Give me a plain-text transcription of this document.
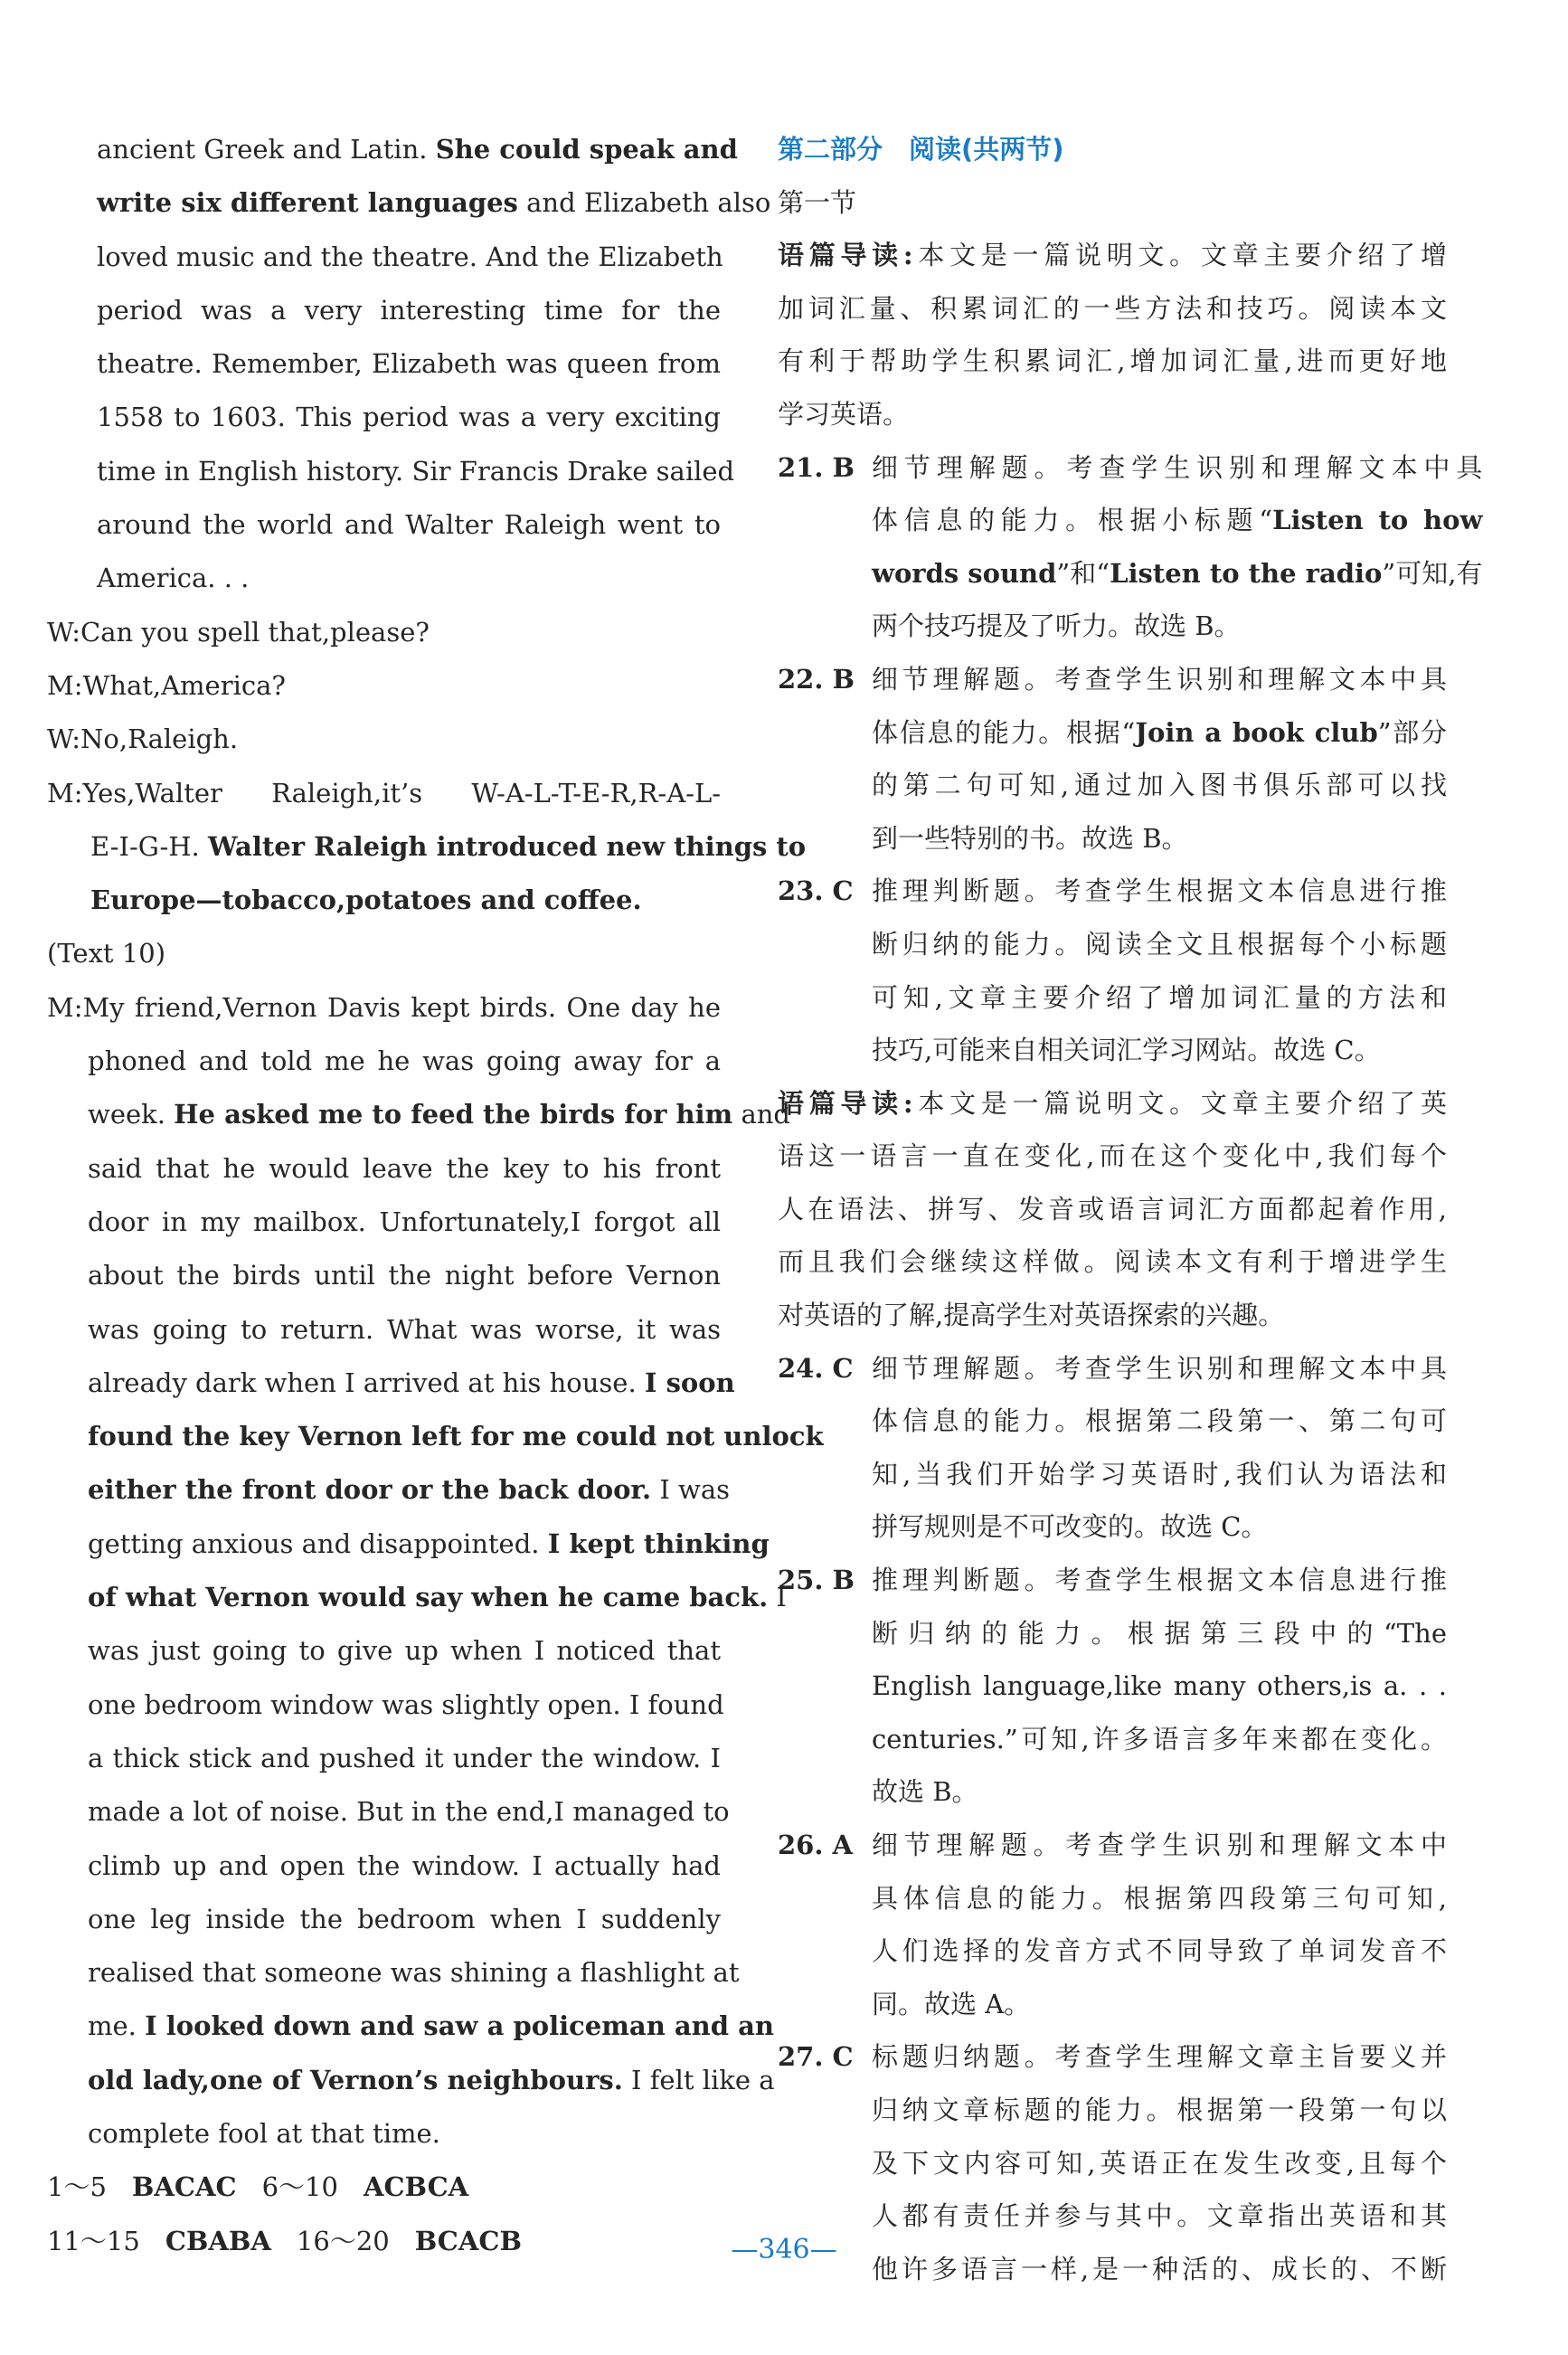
ancient Greek and Latin. She could speak and
write six different languages and Elizabeth also
loved music and the theatre. And the Elizabeth
period was a very interesting time for the
theatre. Remember, Elizabeth was queen from
1558 to 1603. This period was a very exciting
time in English history. Sir Francis Drake sailed
around the world and Walter Raleigh went to
America. . .
W:Can you spell that,please?
M:What,America?
W:No,Raleigh.
M:Yes,Walter Raleigh,it’s W-A-L-T-E-R,R-A-L-
E-I-G-H. Walter Raleigh introduced new things to
Europe—tobacco,potatoes and coffee.
(Text 10)
M:My friend,Vernon Davis kept birds. One day he
phoned and told me he was going away for a
week. He asked me to feed the birds for him and
said that he would leave the key to his front
door in my mailbox. Unfortunately,I forgot all
about the birds until the night before Vernon
was going to return. What was worse, it was
already dark when I arrived at his house. I soon
found the key Vernon left for me could not unlock
either the front door or the back door. I was
getting anxious and disappointed. I kept thinking
of what Vernon would say when he came back. I
was just going to give up when I noticed that
one bedroom window was slightly open. I found
a thick stick and pushed it under the window. I
made a lot of noise. But in the end,I managed to
climb up and open the window. I actually had
one leg inside the bedroom when I suddenly
realised that someone was shining a flashlight at
me. I looked down and saw a policeman and an
old lady,one of Vernon’s neighbours. I felt like a
complete fool at that time.
1～5 BACAC 6～10 ACBCA
11～15 CBABA 16～20 BCACB
第二部分　阅读(共两节)
第一节
语篇导读:本文是一篇说明文。文章主要介绍了增
加词汇量、积累词汇的一些方法和技巧。阅读本文
有利于帮助学生积累词汇,增加词汇量,进而更好地
学习英语。
21. B 细节理解题。考查学生识别和理解文本中具
体信息的能力。根据小标题“Listen to how
words sound”和“Listen to the radio”可知,有
两个技巧提及了听力。故选 B。
22. B 细节理解题。考查学生识别和理解文本中具
体信息的能力。根据“Join a book club”部分
的第二句可知,通过加入图书俱乐部可以找
到一些特别的书。故选 B。
23. C 推理判断题。考查学生根据文本信息进行推
断归纳的能力。阅读全文且根据每个小标题
可知,文章主要介绍了增加词汇量的方法和
技巧,可能来自相关词汇学习网站。故选 C。
语篇导读:本文是一篇说明文。文章主要介绍了英
语这一语言一直在变化,而在这个变化中,我们每个
人在语法、拼写、发音或语言词汇方面都起着作用,
而且我们会继续这样做。阅读本文有利于增进学生
对英语的了解,提高学生对英语探索的兴趣。
24. C 细节理解题。考查学生识别和理解文本中具
体信息的能力。根据第二段第一、第二句可
知,当我们开始学习英语时,我们认为语法和
拼写规则是不可改变的。故选 C。
25. B 推理判断题。考查学生根据文本信息进行推
断归纳的能力。根据第三段中的“The
English language,like many others,is a. . .
centuries.”可知,许多语言多年来都在变化。
故选 B。
26. A 细节理解题。考查学生识别和理解文本中
具体信息的能力。根据第四段第三句可知,
人们选择的发音方式不同导致了单词发音不
同。故选 A。
27. C 标题归纳题。考查学生理解文章主旨要义并
归纳文章标题的能力。根据第一段第一句以
及下文内容可知,英语正在发生改变,且每个
人都有责任并参与其中。文章指出英语和其
他许多语言一样,是一种活的、成长的、不断
—346—
